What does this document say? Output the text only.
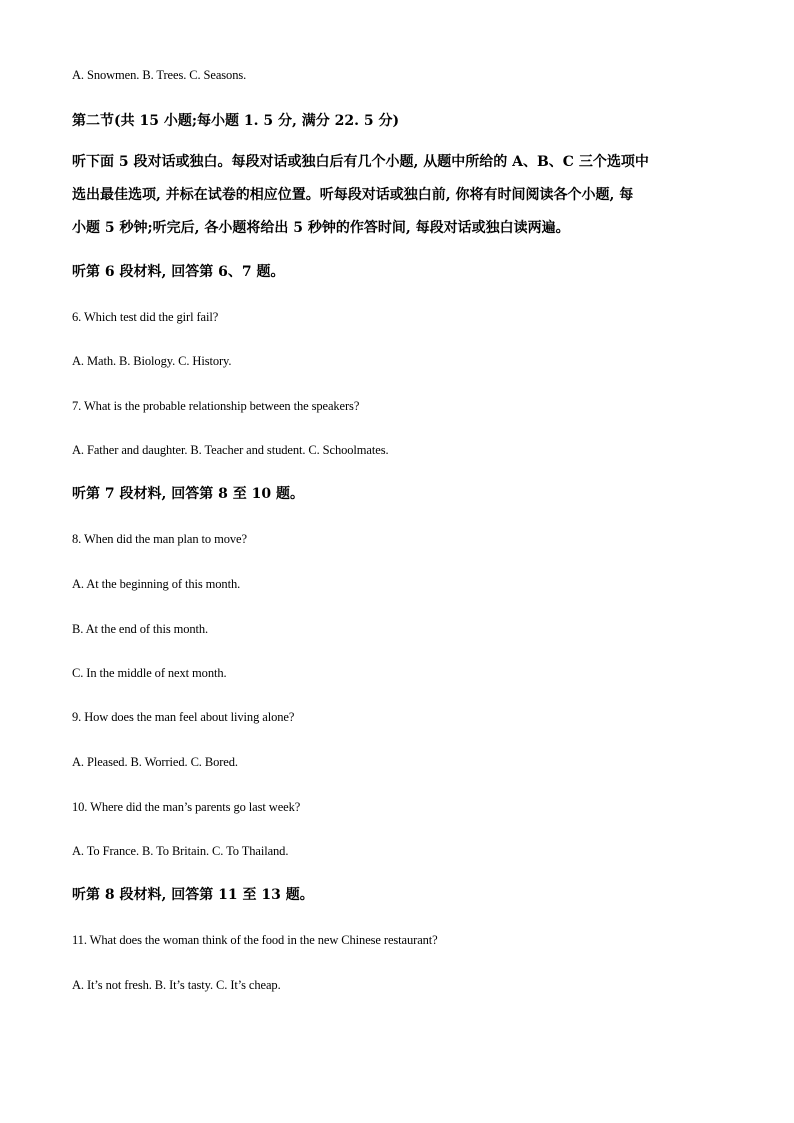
A. Snowmen. B. Trees. C. Seasons.
第二节(共 15 小题;每小题 1. 5 分, 满分 22. 5 分)
听下面 5 段对话或独白。每段对话或独白后有几个小题, 从题中所给的 A、B、C 三个选项中
选出最佳选项, 并标在试卷的相应位置。听每段对话或独白前, 你将有时间阅读各个小题, 每
小题 5 秒钟;听完后, 各小题将给出 5 秒钟的作答时间, 每段对话或独白读两遍。
听第 6 段材料, 回答第 6、7 题。
6. Which test did the girl fail?
A. Math. B. Biology. C. History.
7. What is the probable relationship between the speakers?
A. Father and daughter. B. Teacher and student. C. Schoolmates.
听第 7 段材料, 回答第 8 至 10 题。
8. When did the man plan to move?
A. At the beginning of this month.
B. At the end of this month.
C. In the middle of next month.
9. How does the man feel about living alone?
A. Pleased. B. Worried. C. Bored.
10. Where did the man’s parents go last week?
A. To France. B. To Britain. C. To Thailand.
听第 8 段材料, 回答第 11 至 13 题。
11. What does the woman think of the food in the new Chinese restaurant?
A. It’s not fresh. B. It’s tasty. C. It’s cheap.
